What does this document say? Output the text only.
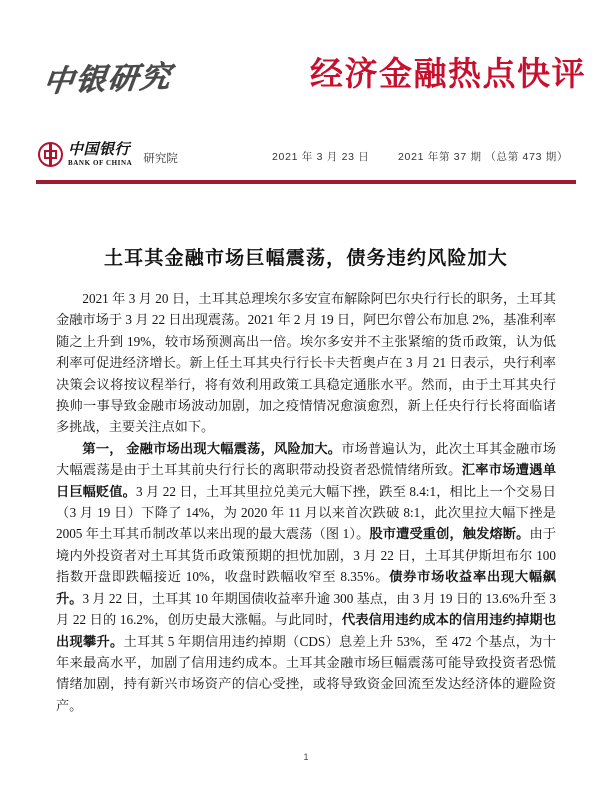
中银研究	经济金融热点快评
中国银行
BANK OF CHINA 研究院	2021 年 3 月 23 日	2021 年第 37 期 （总第 473 期）
土耳其金融市场巨幅震荡，债务违约风险加大

2021 年 3 月 20 日，土耳其总理埃尔多安宣布解除阿巴尔央行行长的职务，土耳其金融市场于 3 月 22 日出现震荡。2021 年 2 月 19 日，阿巴尔曾公布加息 2%，基准利率随之上升到 19%，较市场预测高出一倍。埃尔多安并不主张紧缩的货币政策，认为低利率可促进经济增长。新上任土耳其央行行长卡夫哲奥卢在 3 月 21 日表示，央行利率决策会议将按议程举行，将有效利用政策工具稳定通胀水平。然而，由于土耳其央行换帅一事导致金融市场波动加剧，加之疫情情况愈演愈烈，新上任央行行长将面临诸多挑战，主要关注点如下。

第一， 金融市场出现大幅震荡，风险加大。市场普遍认为，此次土耳其金融市场大幅震荡是由于土耳其前央行行长的离职带动投资者恐慌情绪所致。汇率市场遭遇单日巨幅贬值。3 月 22 日，土耳其里拉兑美元大幅下挫，跌至 8.4:1，相比上一个交易日（3 月 19 日）下降了 14%，为 2020 年 11 月以来首次跌破 8:1，此次里拉大幅下挫是 2005 年土耳其币制改革以来出现的最大震荡（图 1）。股市遭受重创，触发熔断。由于境内外投资者对土耳其货币政策预期的担忧加剧，3 月 22 日，土耳其伊斯坦布尔 100 指数开盘即跌幅接近 10%，收盘时跌幅收窄至 8.35%。债券市场收益率出现大幅飙升。3 月 22 日，土耳其 10 年期国债收益率升逾 300 基点，由 3 月 19 日的 13.6%升至 3 月 22 日的 16.2%，创历史最大涨幅。与此同时，代表信用违约成本的信用违约掉期也出现攀升。土耳其 5 年期信用违约掉期（CDS）息差上升 53%，至 472 个基点，为十年来最高水平，加剧了信用违约成本。土耳其金融市场巨幅震荡可能导致投资者恐慌情绪加剧，持有新兴市场资产的信心受挫，或将导致资金回流至发达经济体的避险资产。

1
